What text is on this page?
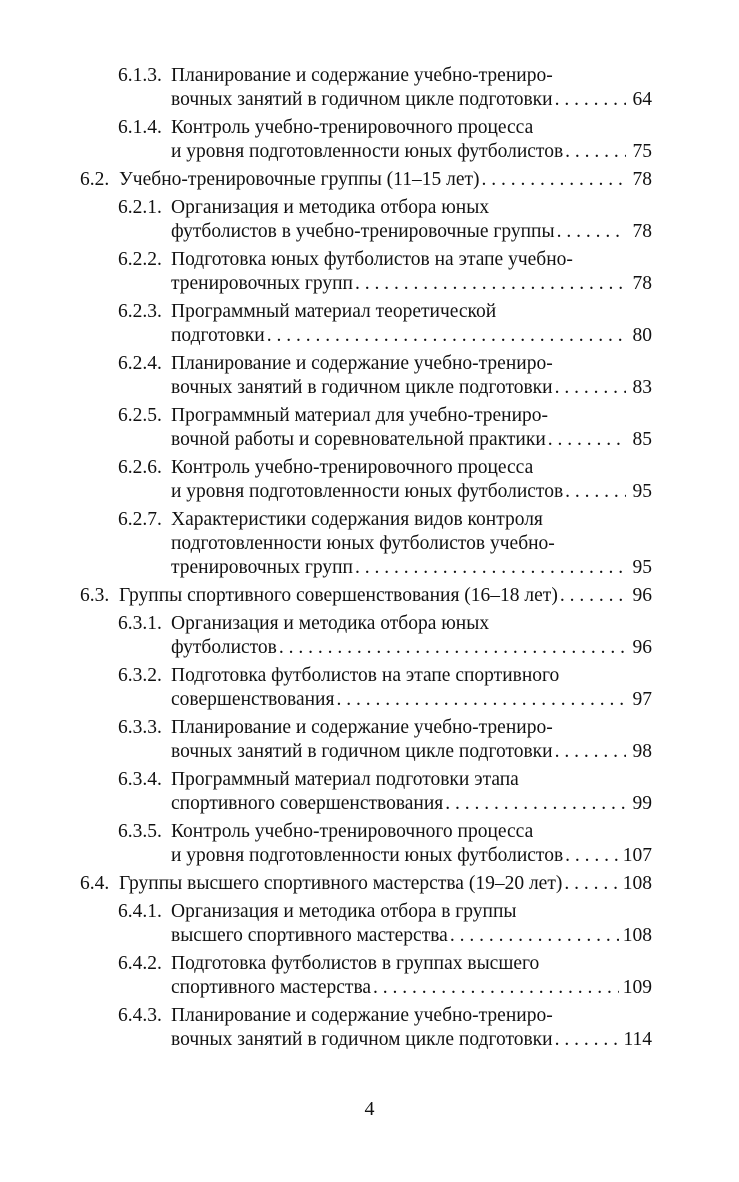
6.1.3. Планирование и содержание учебно-трениро-
вочных занятий в годичном цикле подготовки . . .	64
6.1.4. Контроль учебно-тренировочного процесса
и уровня подготовленности юных футболистов . . .	75
6.2. Учебно-тренировочные группы (11–15 лет) . . .	78
6.2.1. Организация и методика отбора юных
футболистов в учебно-тренировочные группы . . .	78
6.2.2. Подготовка юных футболистов на этапе учебно-
тренировочных групп . . .	78
6.2.3. Программный материал теоретической
подготовки . . .	80
6.2.4. Планирование и содержание учебно-трениро-
вочных занятий в годичном цикле подготовки . . .	83
6.2.5. Программный материал для учебно-трениро-
вочной работы и соревновательной практики . . .	85
6.2.6. Контроль учебно-тренировочного процесса
и уровня подготовленности юных футболистов . . .	95
6.2.7. Характеристики содержания видов контроля
подготовленности юных футболистов учебно-
тренировочных групп . . .	95
6.3. Группы спортивного совершенствования (16–18 лет) . . .	96
6.3.1. Организация и методика отбора юных
футболистов . . .	96
6.3.2. Подготовка футболистов на этапе спортивного
совершенствования . . .	97
6.3.3. Планирование и содержание учебно-трениро-
вочных занятий в годичном цикле подготовки . . .	98
6.3.4. Программный материал подготовки этапа
спортивного совершенствования . . .	99
6.3.5. Контроль учебно-тренировочного процесса
и уровня подготовленности юных футболистов . . .	107
6.4. Группы высшего спортивного мастерства (19–20 лет) . . .	108
6.4.1. Организация и методика отбора в группы
высшего спортивного мастерства . . .	108
6.4.2. Подготовка футболистов в группах высшего
спортивного мастерства . . .	109
6.4.3. Планирование и содержание учебно-трениро-
вочных занятий в годичном цикле подготовки . . .	114
4
